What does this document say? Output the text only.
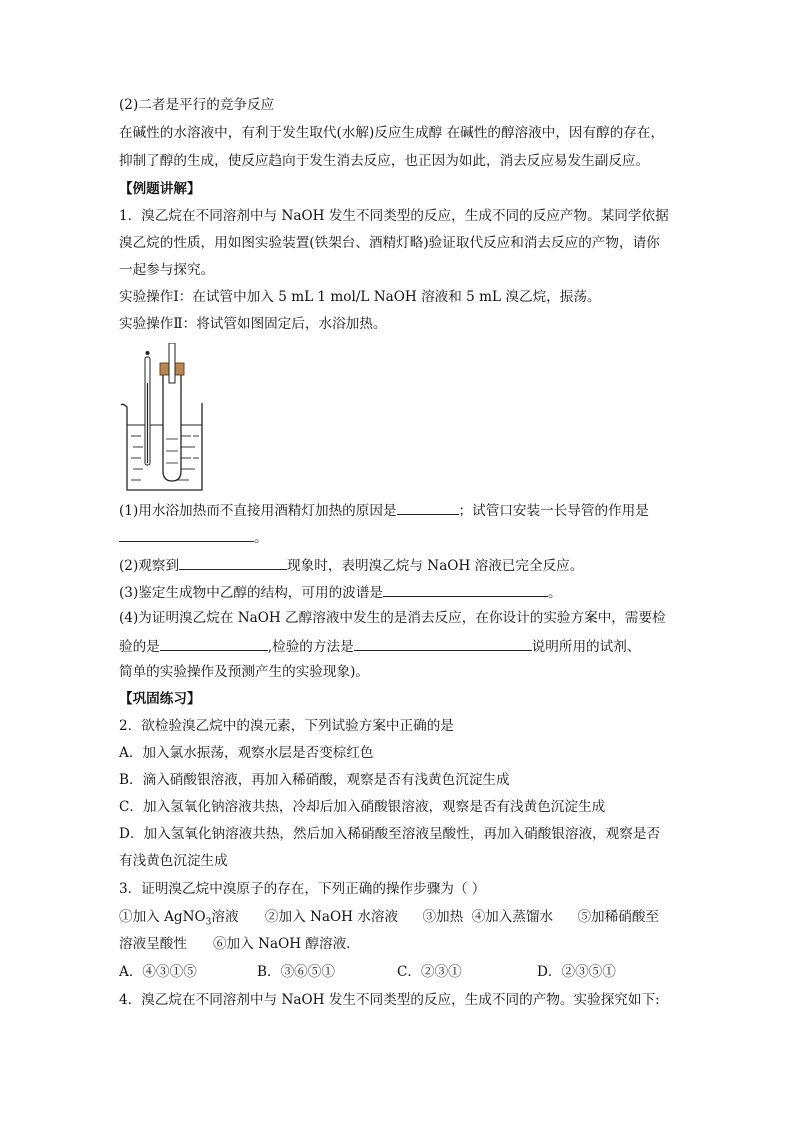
(2)二者是平行的竞争反应
在碱性的水溶液中，有利于发生取代(水解)反应生成醇 在碱性的醇溶液中，因有醇的存在，
抑制了醇的生成，使反应趋向于发生消去反应，也正因为如此，消去反应易发生副反应。
【例题讲解】
1．溴乙烷在不同溶剂中与 NaOH 发生不同类型的反应，生成不同的反应产物。某同学依据
溴乙烷的性质，用如图实验装置(铁架台、酒精灯略)验证取代反应和消去反应的产物，请你
一起参与探究。
实验操作Ⅰ：在试管中加入 5 mL 1 mol/L NaOH 溶液和 5 mL 溴乙烷，振荡。
实验操作Ⅱ：将试管如图固定后，水浴加热。
(1)用水浴加热而不直接用酒精灯加热的原因是	；试管口安装一长导管的作用是
。
(2)观察到	现象时，表明溴乙烷与 NaOH 溶液已完全反应。
(3)鉴定生成物中乙醇的结构，可用的波谱是	。
(4)为证明溴乙烷在 NaOH 乙醇溶液中发生的是消去反应，在你设计的实验方案中，需要检
验的是	,检验的方法是	说明所用的试剂、
简单的实验操作及预测产生的实验现象)。
【巩固练习】
2．欲检验溴乙烷中的溴元素，下列试验方案中正确的是
A．加入氯水振荡，观察水层是否变棕红色
B．滴入硝酸银溶液，再加入稀硝酸，观察是否有浅黄色沉淀生成
C．加入氢氧化钠溶液共热，冷却后加入硝酸银溶液，观察是否有浅黄色沉淀生成
D．加入氢氧化钠溶液共热，然后加入稀硝酸至溶液呈酸性，再加入硝酸银溶液，观察是否
有浅黄色沉淀生成
3．证明溴乙烷中溴原子的存在，下列正确的操作步骤为（ ）
①加入 AgNO$_3$溶液 ②加入 NaOH 水溶液 ③加热 ④加入蒸馏水 ⑤加稀硝酸至
溶液呈酸性 ⑥加入 NaOH 醇溶液．
A．④③①⑤	B．③⑥⑤①	C．②③①	D．②③⑤①
4．溴乙烷在不同溶剂中与 NaOH 发生不同类型的反应，生成不同的产物。实验探究如下:
